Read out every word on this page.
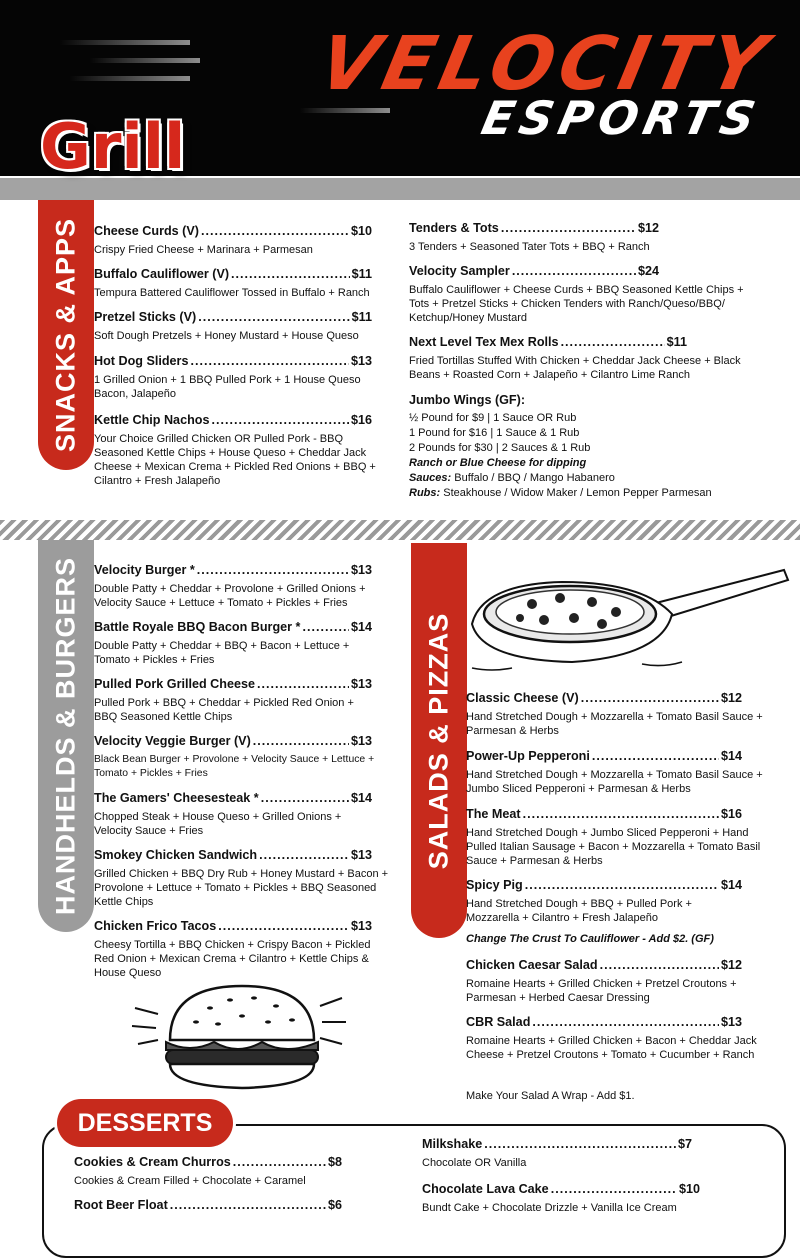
VELOCITY
ESPORTS
Grill
SNACKS & APPS Cheese Curds (V) .....	$10
Crispy Fried Cheese + Marinara + Parmesan
Buffalo Cauliflower (V) .....	$11
Tempura Battered Cauliflower Tossed in Buffalo + Ranch
Pretzel Sticks (V) .....	$11
Soft Dough Pretzels + Honey Mustard + House Queso
Hot Dog Sliders .....	$13
1 Grilled Onion + 1 BBQ Pulled Pork + 1 House Queso Bacon, Jalapeño
Kettle Chip Nachos .....	$16
Your Choice Grilled Chicken OR Pulled Pork - BBQ Seasoned Kettle Chips + House Queso + Cheddar Jack Cheese + Mexican Crema + Pickled Red Onions + BBQ + Cilantro + Fresh Jalapeño
Tenders & Tots .....	$12
3 Tenders + Seasoned Tater Tots + BBQ + Ranch
Velocity Sampler .....	$24
Buffalo Cauliflower + Cheese Curds + BBQ Seasoned Kettle Chips + Tots + Pretzel Sticks + Chicken Tenders with Ranch/Queso/BBQ/ Ketchup/Honey Mustard
Next Level Tex Mex Rolls .....	$11
Fried Tortillas Stuffed With Chicken + Cheddar Jack Cheese + Black Beans + Roasted Corn + Jalapeño + Cilantro Lime Ranch
Jumbo Wings (GF):
½ Pound for $9 | 1 Sauce OR Rub
1 Pound for $16 | 1 Sauce & 1 Rub
2 Pounds for $30 | 2 Sauces & 1 Rub
Ranch or Blue Cheese for dipping
Sauces: Buffalo / BBQ / Mango Habanero
Rubs: Steakhouse / Widow Maker / Lemon Pepper Parmesan
HANDHELDS & BURGERS Velocity Burger * .....	$13
Double Patty + Cheddar + Provolone + Grilled Onions + Velocity Sauce + Lettuce + Tomato + Pickles + Fries
Battle Royale BBQ Bacon Burger * .....	$14
Double Patty + Cheddar + BBQ + Bacon + Lettuce + Tomato + Pickles + Fries
Pulled Pork Grilled Cheese .....	$13
Pulled Pork + BBQ + Cheddar + Pickled Red Onion + BBQ Seasoned Kettle Chips
Velocity Veggie Burger (V) .....	$13
Black Bean Burger + Provolone + Velocity Sauce + Lettuce + Tomato + Pickles + Fries
The Gamers' Cheesesteak * .....	$14
Chopped Steak + House Queso + Grilled Onions + Velocity Sauce + Fries
Smokey Chicken Sandwich .....	$13
Grilled Chicken + BBQ Dry Rub + Honey Mustard + Bacon + Provolone + Lettuce + Tomato + Pickles + BBQ Seasoned Kettle Chips
Chicken Frico Tacos .....	$13
Cheesy Tortilla + BBQ Chicken + Crispy Bacon + Pickled Red Onion + Mexican Crema + Cilantro + Kettle Chips & House Queso
SALADS & PIZZAS Classic Cheese (V) .....	$12
Hand Stretched Dough + Mozzarella + Tomato Basil Sauce + Parmesan & Herbs
Power-Up Pepperoni .....	$14
Hand Stretched Dough + Mozzarella + Tomato Basil Sauce + Jumbo Sliced Pepperoni + Parmesan & Herbs
The Meat .....	$16
Hand Stretched Dough + Jumbo Sliced Pepperoni + Hand Pulled Italian Sausage + Bacon + Mozzarella + Tomato Basil Sauce + Parmesan & Herbs
Spicy Pig .....	$14
Hand Stretched Dough + BBQ + Pulled Pork + Mozzarella + Cilantro + Fresh Jalapeño
Change The Crust To Cauliflower - Add $2. (GF)
Chicken Caesar Salad .....	$12
Romaine Hearts + Grilled Chicken + Pretzel Croutons + Parmesan + Herbed Caesar Dressing
CBR Salad .....	$13
Romaine Hearts + Grilled Chicken + Bacon + Cheddar Jack Cheese + Pretzel Croutons + Tomato + Cucumber + Ranch
Make Your Salad A Wrap - Add $1.
DESSERTS
Cookies & Cream Churros .....	$8
Cookies & Cream Filled + Chocolate + Caramel
Root Beer Float .....	$6
Milkshake .....	$7
Chocolate OR Vanilla
Chocolate Lava Cake .....	$10
Bundt Cake + Chocolate Drizzle + Vanilla Ice Cream
